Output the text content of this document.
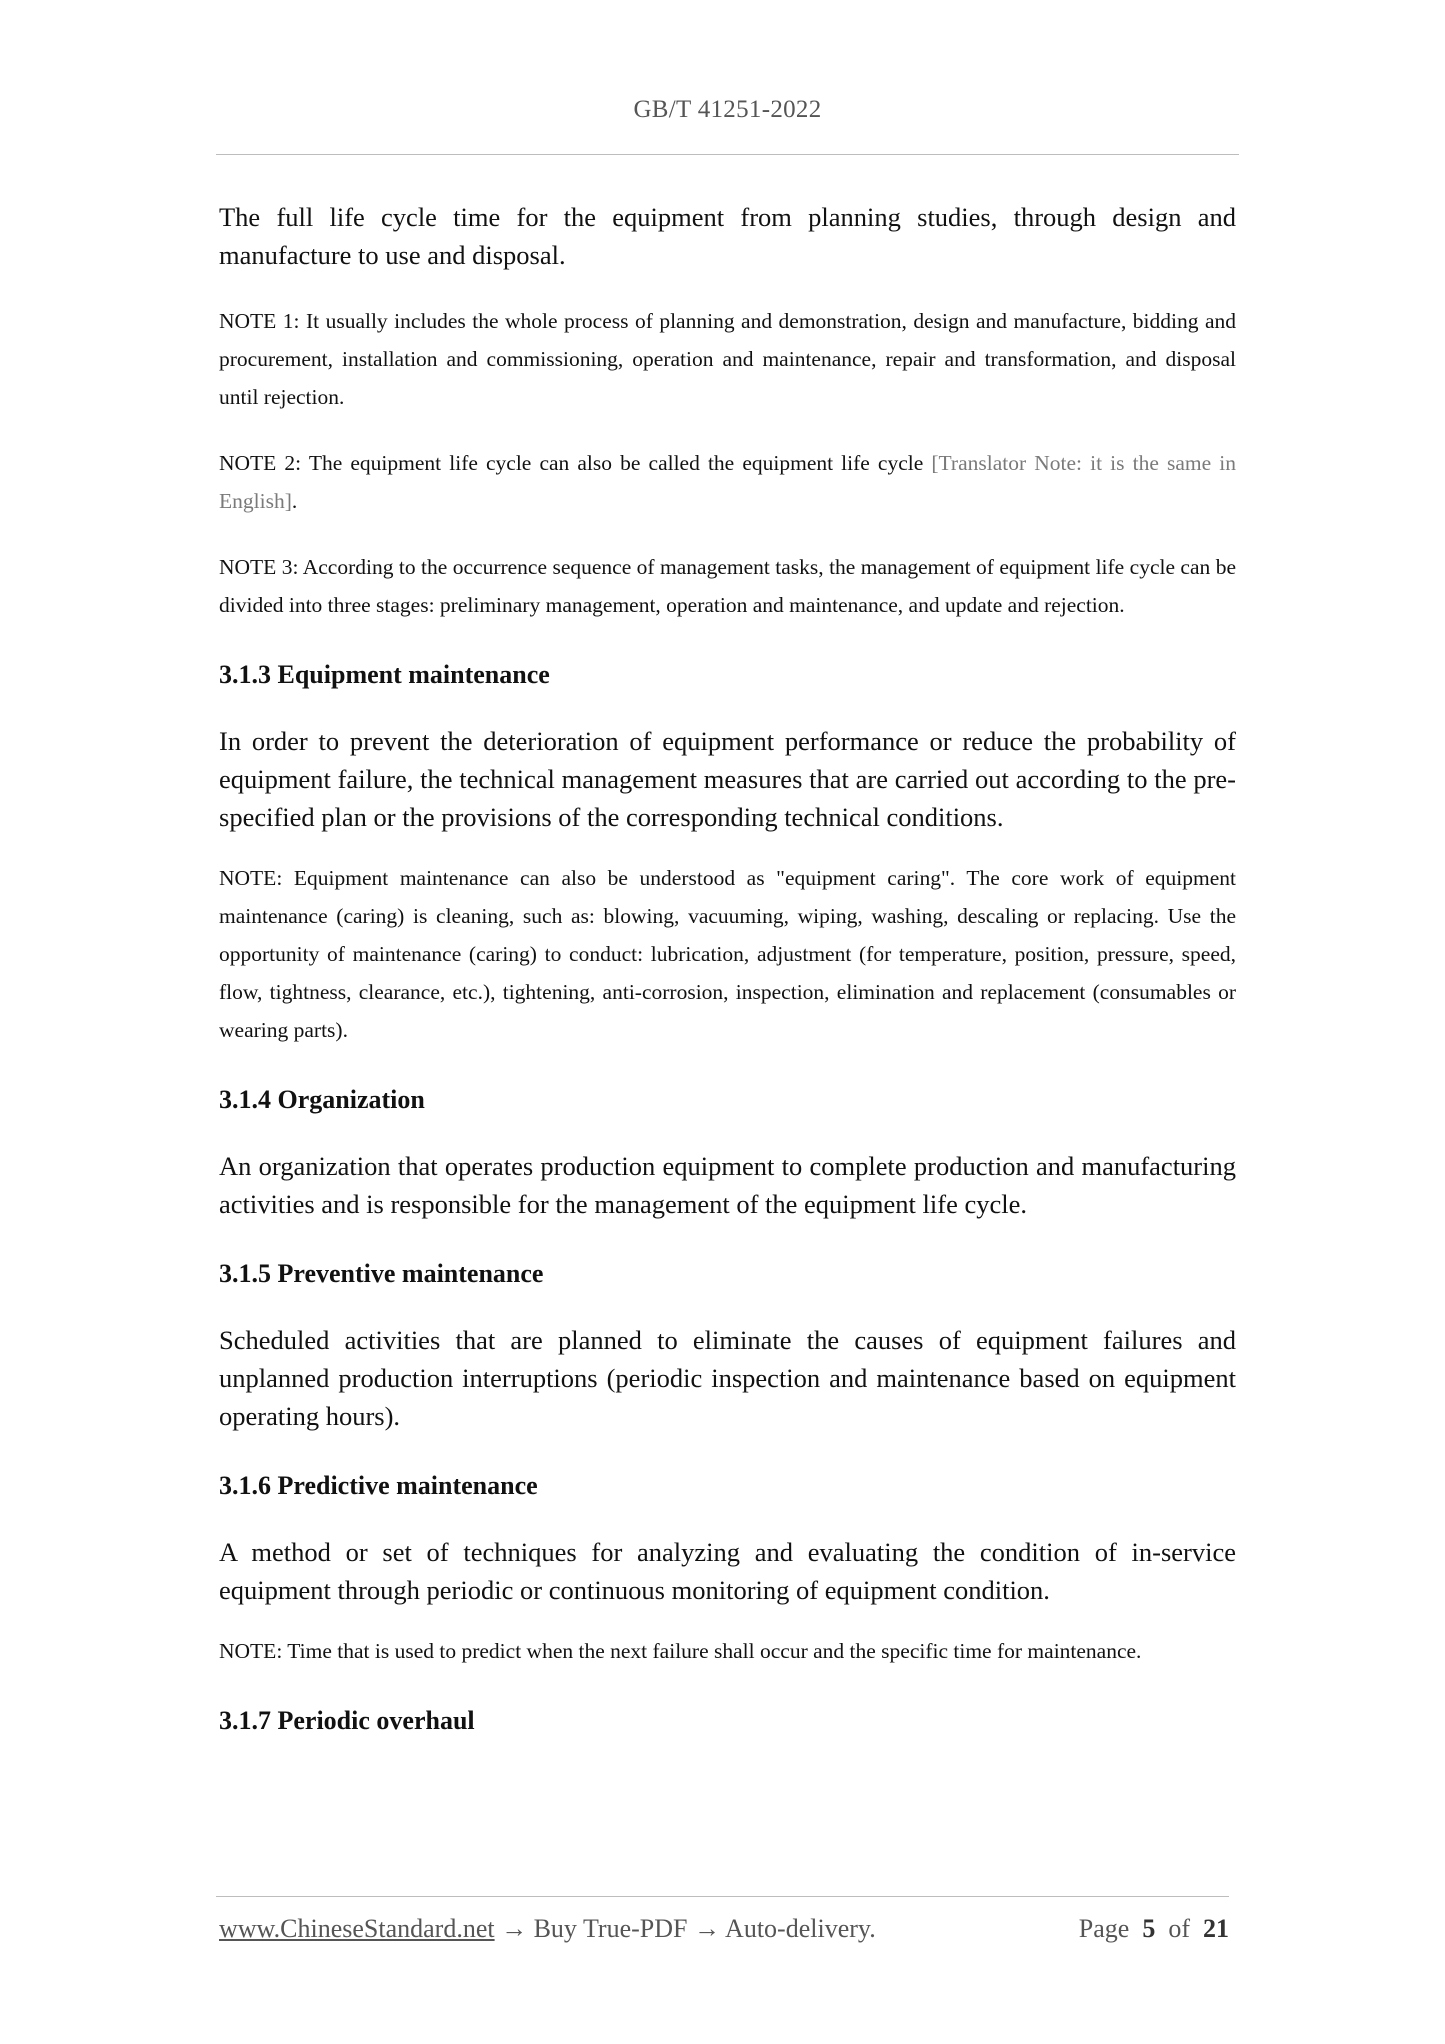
GB/T 41251-2022

The full life cycle time for the equipment from planning studies, through design and manufacture to use and disposal.

NOTE 1: It usually includes the whole process of planning and demonstration, design and manufacture, bidding and procurement, installation and commissioning, operation and maintenance, repair and transformation, and disposal until rejection.

NOTE 2: The equipment life cycle can also be called the equipment life cycle [Translator Note: it is the same in English].

NOTE 3: According to the occurrence sequence of management tasks, the management of equipment life cycle can be divided into three stages: preliminary management, operation and maintenance, and update and rejection.

3.1.3 Equipment maintenance

In order to prevent the deterioration of equipment performance or reduce the probability of equipment failure, the technical management measures that are carried out according to the pre-specified plan or the provisions of the corresponding technical conditions.

NOTE: Equipment maintenance can also be understood as "equipment caring". The core work of equipment maintenance (caring) is cleaning, such as: blowing, vacuuming, wiping, washing, descaling or replacing. Use the opportunity of maintenance (caring) to conduct: lubrication, adjustment (for temperature, position, pressure, speed, flow, tightness, clearance, etc.), tightening, anti-corrosion, inspection, elimination and replacement (consumables or wearing parts).

3.1.4 Organization

An organization that operates production equipment to complete production and manufacturing activities and is responsible for the management of the equipment life cycle.

3.1.5 Preventive maintenance

Scheduled activities that are planned to eliminate the causes of equipment failures and unplanned production interruptions (periodic inspection and maintenance based on equipment operating hours).

3.1.6 Predictive maintenance

A method or set of techniques for analyzing and evaluating the condition of in-service equipment through periodic or continuous monitoring of equipment condition.

NOTE: Time that is used to predict when the next failure shall occur and the specific time for maintenance.

3.1.7 Periodic overhaul
www.ChineseStandard.net → Buy True-PDF → Auto-delivery.	Page 5 of 21
